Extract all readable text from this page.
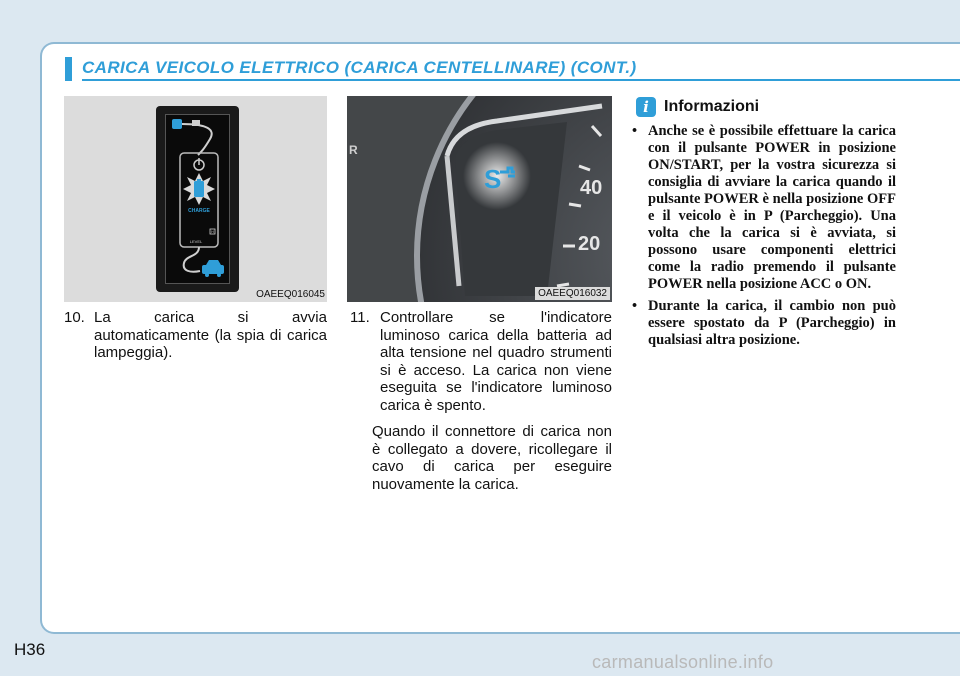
CARICA VEICOLO ELETTRICO (CARICA CENTELLINARE) (CONT.)
CHARGE
H
LEVEL
OAEEQ016045
R
S	40
20
OAEEQ016032
10. La carica si avvia automaticamente (la spia di carica lampeggia).
11. Controllare se l'indicatore luminoso carica della batteria ad alta tensione nel quadro strumenti si è acceso. La carica non viene eseguita se l'indicatore luminoso carica è spento.
Quando il connettore di carica non è collegato a dovere, ricollegare il cavo di carica per eseguire nuovamente la carica.
i Informazioni
• Anche se è possibile effettuare la carica con il pulsante POWER in posizione ON/START, per la vostra sicurezza si consiglia di avviare la carica quando il pulsante POWER è nella posizione OFF e il veicolo è in P (Parcheggio). Una volta che la carica si è avviata, si possono usare componenti elettrici come la radio premendo il pulsante POWER nella posizione ACC o ON.
• Durante la carica, il cambio non può essere spostato da P (Parcheggio) in qualsiasi altra posizione.
H36
carmanualsonline.info
